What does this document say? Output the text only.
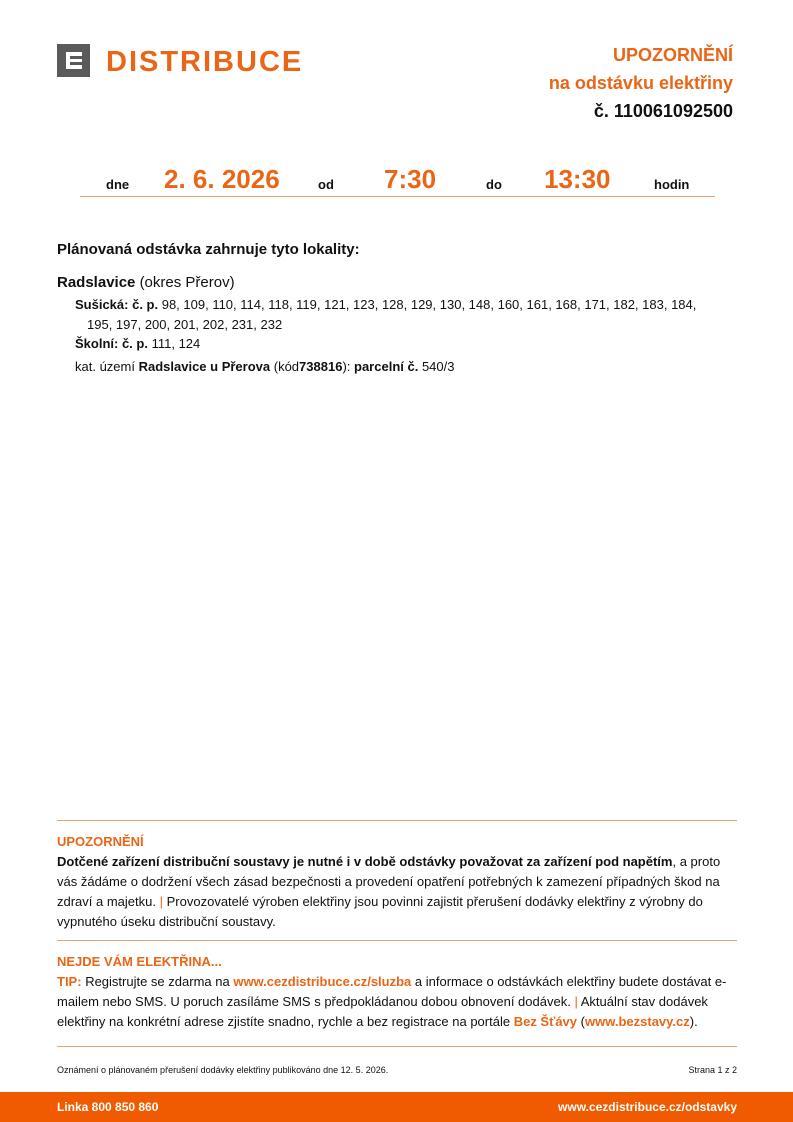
DISTRIBUCE	UPOZORNĚNÍ
na odstávku elektřiny
č. 110061092500
dne 2. 6. 2026	od 7:30	do 13:30	hodin
Plánovaná odstávka zahrnuje tyto lokality:
Radslavice (okres Přerov)
Sušická: č. p. 98, 109, 110, 114, 118, 119, 121, 123, 128, 129, 130, 148, 160, 161, 168, 171, 182, 183, 184,
195, 197, 200, 201, 202, 231, 232
Školní: č. p. 111, 124
kat. území Radslavice u Přerova (kód738816): parcelní č. 540/3
UPOZORNĚNÍ
Dotčené zařízení distribuční soustavy je nutné i v době odstávky považovat za zařízení pod napětím, a proto vás žádáme o dodržení všech zásad bezpečnosti a provedení opatření potřebných k zamezení případných škod na zdraví a majetku. | Provozovatelé výroben elektřiny jsou povinni zajistit přerušení dodávky elektřiny z výrobny do vypnutého úseku distribuční soustavy.
NEJDE VÁM ELEKTŘINA...
TIP: Registrujte se zdarma na www.cezdistribuce.cz/sluzba a informace o odstávkách elektřiny budete dostávat e-mailem nebo SMS. U poruch zasíláme SMS s předpokládanou dobou obnovení dodávek. | Aktuální stav dodávek elektřiny na konkrétní adrese zjistíte snadno, rychle a bez registrace na portále Bez Šťávy (www.bezstavy.cz).
Oznámení o plánovaném přerušení dodávky elektřiny publikováno dne 12. 5. 2026.	Strana 1 z 2
Linka 800 850 860	www.cezdistribuce.cz/odstavky
